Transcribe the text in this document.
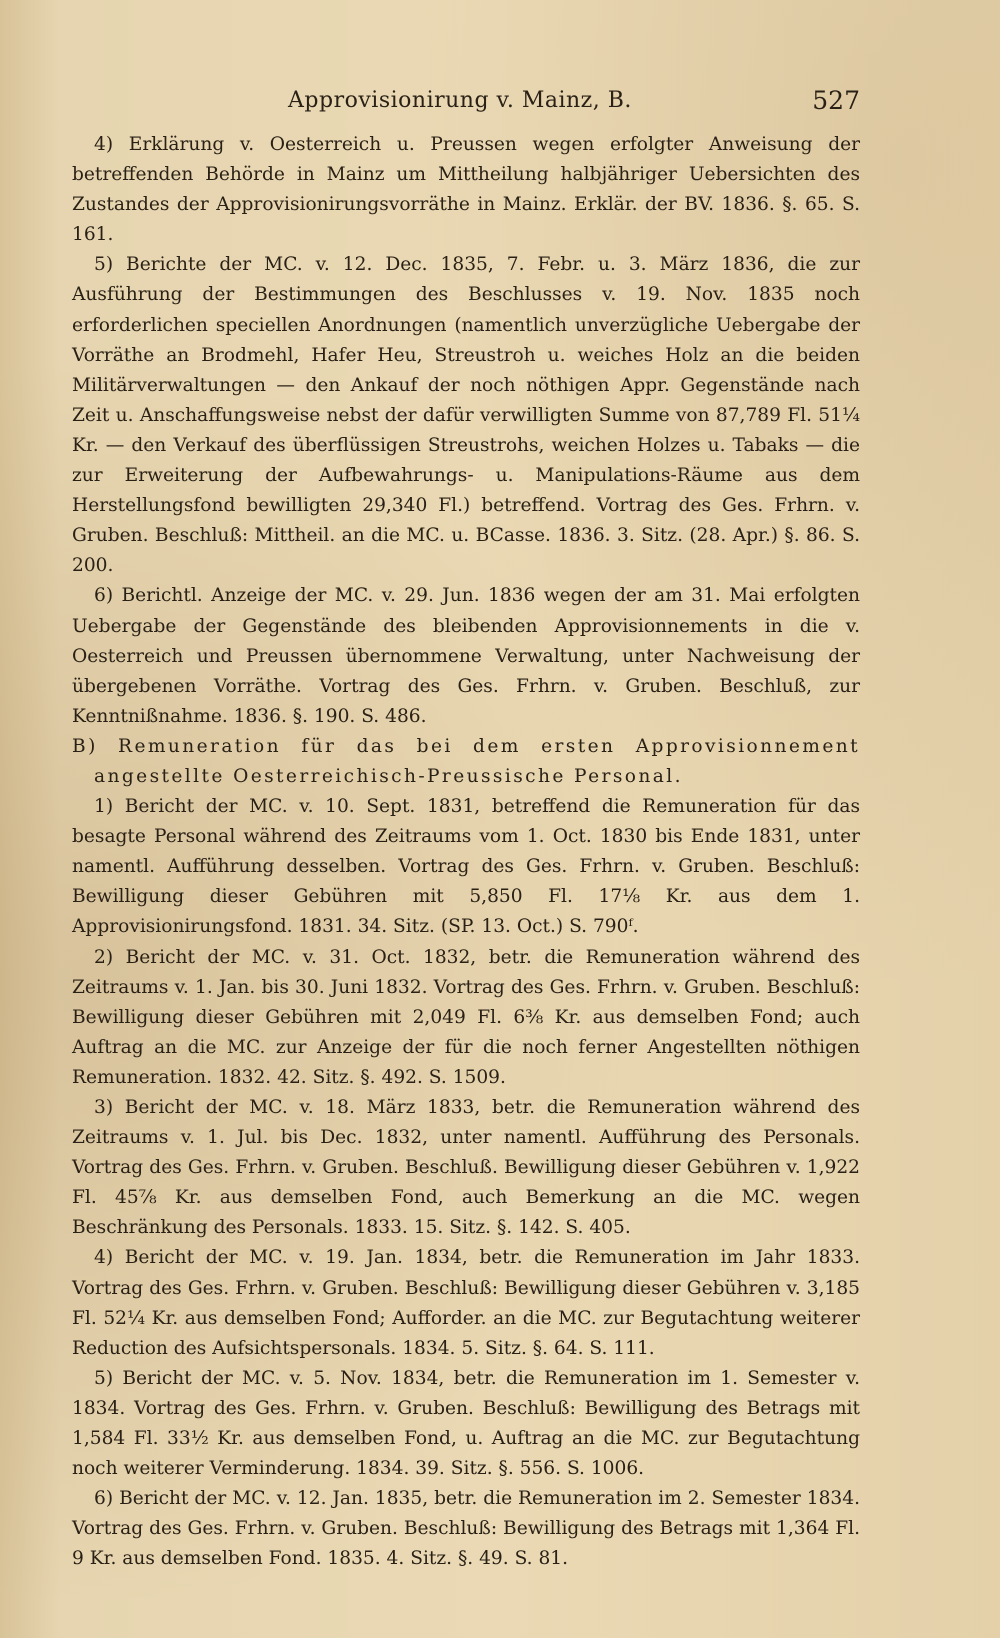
Approvisionirung v. Mainz, B.	527

4) Erklärung v. Oesterreich u. Preussen wegen erfolgter Anweisung der betreffenden Behörde in Mainz um Mittheilung halbjähriger Uebersichten des Zustandes der Approvisionirungsvorräthe in Mainz. Erklär. der BV. 1836. §. 65. S. 161.

5) Berichte der MC. v. 12. Dec. 1835, 7. Febr. u. 3. März 1836, die zur Ausführung der Bestimmungen des Beschlusses v. 19. Nov. 1835 noch erforderlichen speciellen Anordnungen (namentlich unverzügliche Uebergabe der Vorräthe an Brodmehl, Hafer Heu, Streustroh u. weiches Holz an die beiden Militärverwaltungen — den Ankauf der noch nöthigen Appr. Gegenstände nach Zeit u. Anschaffungsweise nebst der dafür verwilligten Summe von 87,789 Fl. 51¼ Kr. — den Verkauf des überflüssigen Streustrohs, weichen Holzes u. Tabaks — die zur Erweiterung der Aufbewahrungs- u. Manipulations-Räume aus dem Herstellungsfond bewilligten 29,340 Fl.) betreffend. Vortrag des Ges. Frhrn. v. Gruben. Beschluß: Mittheil. an die MC. u. BCasse. 1836. 3. Sitz. (28. Apr.) §. 86. S. 200.

6) Berichtl. Anzeige der MC. v. 29. Jun. 1836 wegen der am 31. Mai erfolgten Uebergabe der Gegenstände des bleibenden Approvisionnements in die v. Oesterreich und Preussen übernommene Verwaltung, unter Nachweisung der übergebenen Vorräthe. Vortrag des Ges. Frhrn. v. Gruben. Beschluß, zur Kenntnißnahme. 1836. §. 190. S. 486.

B) Remuneration für das bei dem ersten Approvisionnement angestellte Oesterreichisch-Preussische Personal.

1) Bericht der MC. v. 10. Sept. 1831, betreffend die Remuneration für das besagte Personal während des Zeitraums vom 1. Oct. 1830 bis Ende 1831, unter namentl. Aufführung desselben. Vortrag des Ges. Frhrn. v. Gruben. Beschluß: Bewilligung dieser Gebühren mit 5,850 Fl. 17⅛ Kr. aus dem 1. Approvisionirungsfond. 1831. 34. Sitz. (SP. 13. Oct.) S. 790ᶠ.

2) Bericht der MC. v. 31. Oct. 1832, betr. die Remuneration während des Zeitraums v. 1. Jan. bis 30. Juni 1832. Vortrag des Ges. Frhrn. v. Gruben. Beschluß: Bewilligung dieser Gebühren mit 2,049 Fl. 6⅜ Kr. aus demselben Fond; auch Auftrag an die MC. zur Anzeige der für die noch ferner Angestellten nöthigen Remuneration. 1832. 42. Sitz. §. 492. S. 1509.

3) Bericht der MC. v. 18. März 1833, betr. die Remuneration während des Zeitraums v. 1. Jul. bis Dec. 1832, unter namentl. Aufführung des Personals. Vortrag des Ges. Frhrn. v. Gruben. Beschluß. Bewilligung dieser Gebühren v. 1,922 Fl. 45⅞ Kr. aus demselben Fond, auch Bemerkung an die MC. wegen Beschränkung des Personals. 1833. 15. Sitz. §. 142. S. 405.

4) Bericht der MC. v. 19. Jan. 1834, betr. die Remuneration im Jahr 1833. Vortrag des Ges. Frhrn. v. Gruben. Beschluß: Bewilligung dieser Gebühren v. 3,185 Fl. 52¼ Kr. aus demselben Fond; Aufforder. an die MC. zur Begutachtung weiterer Reduction des Aufsichtspersonals. 1834. 5. Sitz. §. 64. S. 111.

5) Bericht der MC. v. 5. Nov. 1834, betr. die Remuneration im 1. Semester v. 1834. Vortrag des Ges. Frhrn. v. Gruben. Beschluß: Bewilligung des Betrags mit 1,584 Fl. 33½ Kr. aus demselben Fond, u. Auftrag an die MC. zur Begutachtung noch weiterer Verminderung. 1834. 39. Sitz. §. 556. S. 1006.

6) Bericht der MC. v. 12. Jan. 1835, betr. die Remuneration im 2. Semester 1834. Vortrag des Ges. Frhrn. v. Gruben. Beschluß: Bewilligung des Betrags mit 1,364 Fl. 9 Kr. aus demselben Fond. 1835. 4. Sitz. §. 49. S. 81.
